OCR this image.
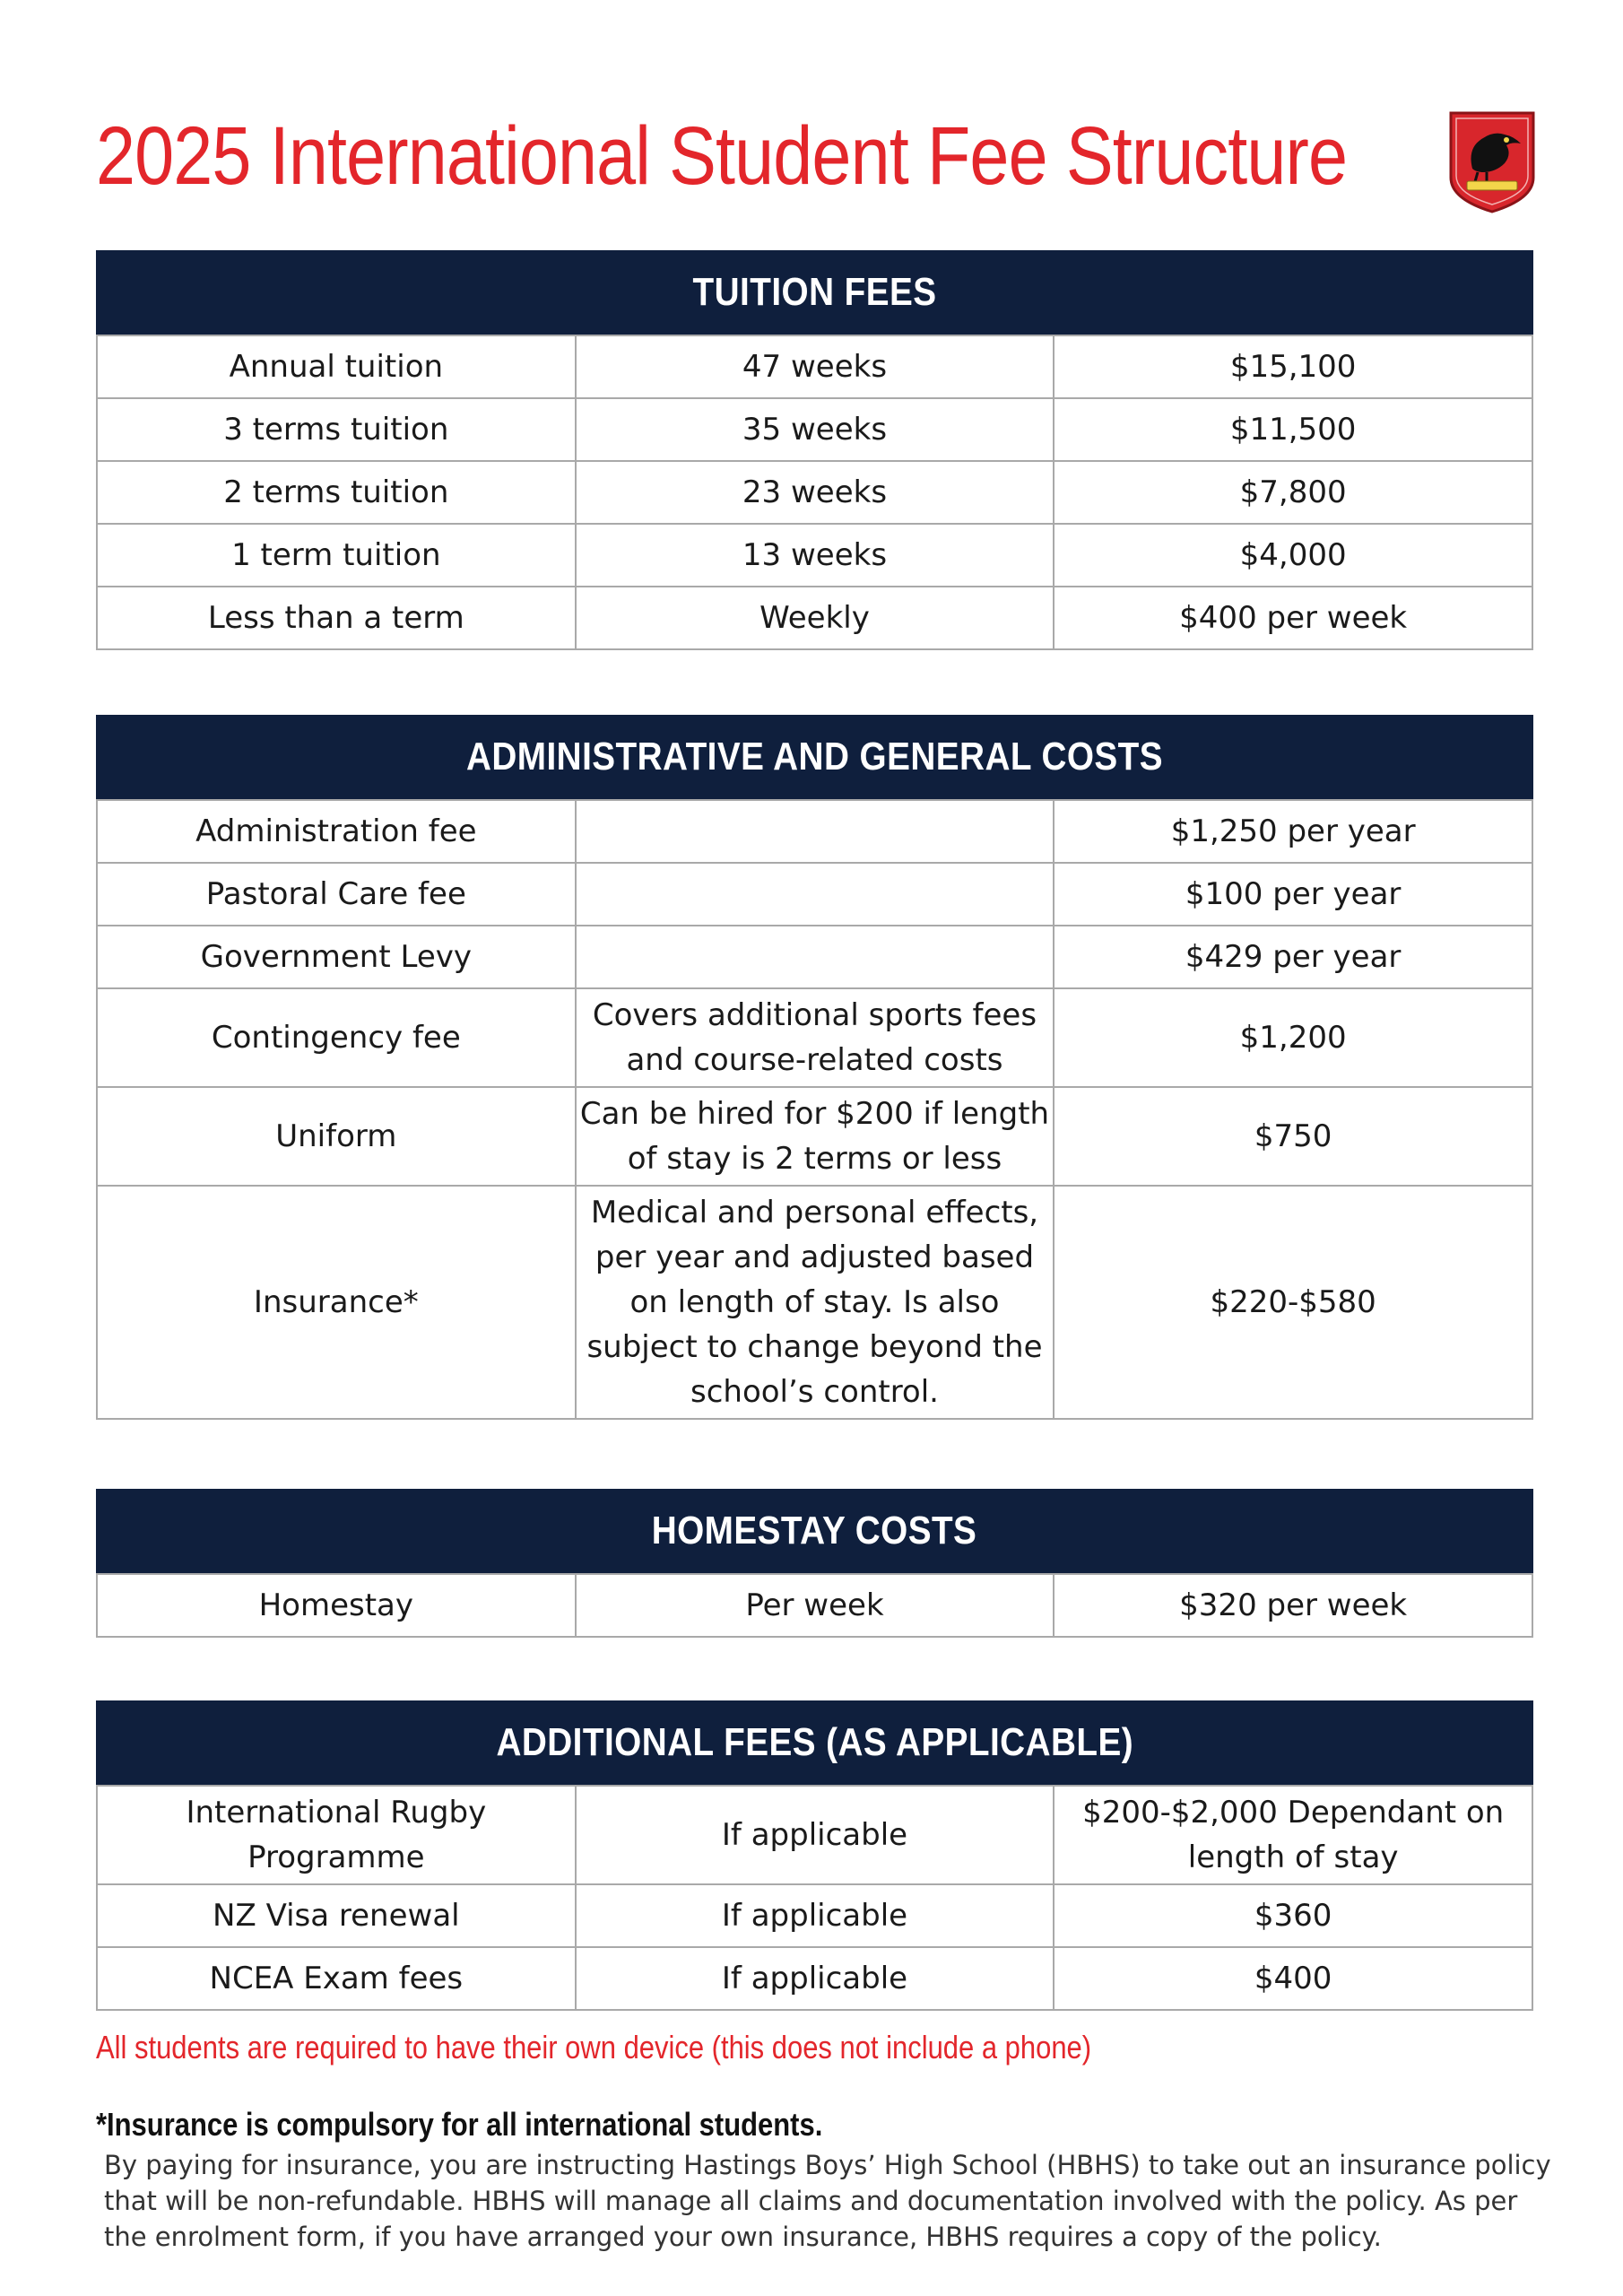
2025 International Student Fee Structure
TUITION FEES
Annual tuition	47 weeks	$15,100
3 terms tuition	35 weeks	$11,500
2 terms tuition	23 weeks	$7,800
1 term tuition	13 weeks	$4,000
Less than a term	Weekly	$400 per week
ADMINISTRATIVE AND GENERAL COSTS
Administration fee		$1,250 per year
Pastoral Care fee		$100 per year
Government Levy		$429 per year
Contingency fee	Covers additional sports fees and course-related costs	$1,200
Uniform	Can be hired for $200 if length of stay is 2 terms or less	$750
Insurance*	Medical and personal effects, per year and adjusted based on length of stay. Is also subject to change beyond the school’s control.	$220-$580
HOMESTAY COSTS
Homestay	Per week	$320 per week
ADDITIONAL FEES (AS APPLICABLE)
International Rugby Programme	If applicable	$200-$2,000 Dependant on length of stay
NZ Visa renewal	If applicable	$360
NCEA Exam fees	If applicable	$400

All students are required to have their own device (this does not include a phone)

*Insurance is compulsory for all international students.

By paying for insurance, you are instructing Hastings Boys’ High School (HBHS) to take out an insurance policy that will be non-refundable. HBHS will manage all claims and documentation involved with the policy. As per the enrolment form, if you have arranged your own insurance, HBHS requires a copy of the policy.
